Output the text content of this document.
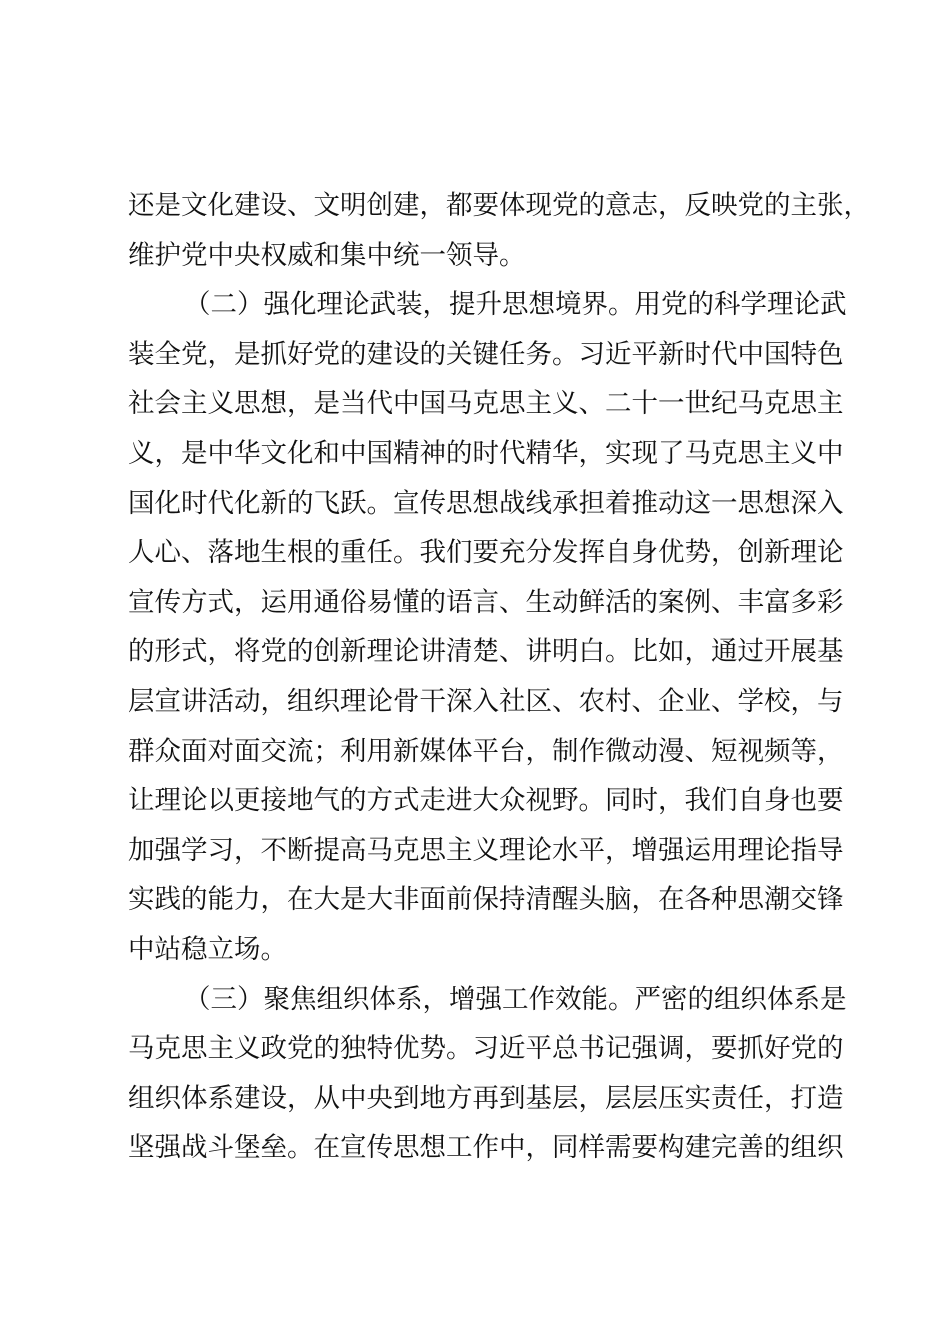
还是文化建设、文明创建，都要体现党的意志，反映党的主张，
维护党中央权威和集中统一领导。
（二）强化理论武装，提升思想境界。用党的科学理论武
装全党，是抓好党的建设的关键任务。习近平新时代中国特色
社会主义思想，是当代中国马克思主义、二十一世纪马克思主
义，是中华文化和中国精神的时代精华，实现了马克思主义中
国化时代化新的飞跃。宣传思想战线承担着推动这一思想深入
人心、落地生根的重任。我们要充分发挥自身优势，创新理论
宣传方式，运用通俗易懂的语言、生动鲜活的案例、丰富多彩
的形式，将党的创新理论讲清楚、讲明白。比如，通过开展基
层宣讲活动，组织理论骨干深入社区、农村、企业、学校，与
群众面对面交流；利用新媒体平台，制作微动漫、短视频等，
让理论以更接地气的方式走进大众视野。同时，我们自身也要
加强学习，不断提高马克思主义理论水平，增强运用理论指导
实践的能力，在大是大非面前保持清醒头脑，在各种思潮交锋
中站稳立场。
（三）聚焦组织体系，增强工作效能。严密的组织体系是
马克思主义政党的独特优势。习近平总书记强调，要抓好党的
组织体系建设，从中央到地方再到基层，层层压实责任，打造
坚强战斗堡垒。在宣传思想工作中，同样需要构建完善的组织
